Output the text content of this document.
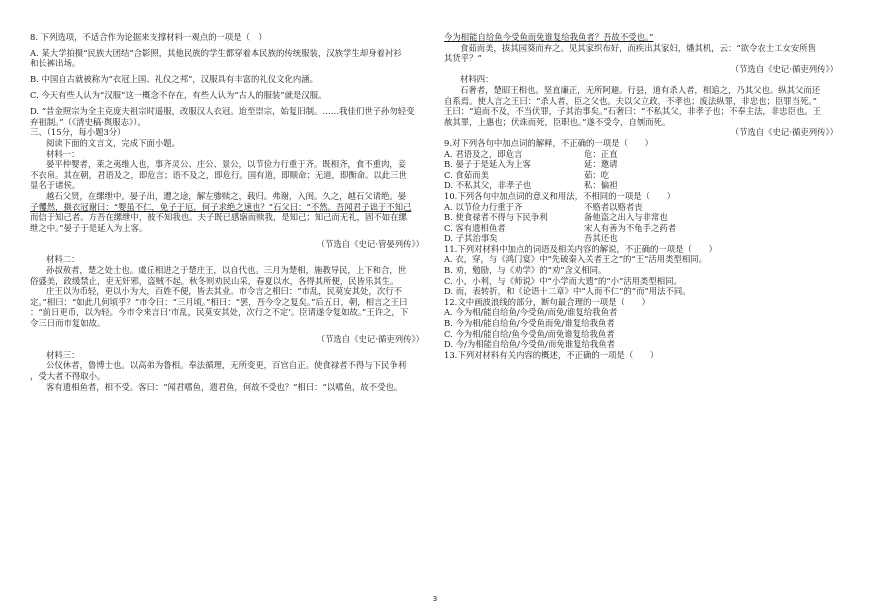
8. 下列选项，不适合作为论据来支撑材料一观点的一项是（　）
A. 某大学拍摄“民族大团结”合影照，其他民族的学生都穿着本民族的传统服装，汉族学生却身着衬衫
和长裤出场。
B. 中国自古就被称为“衣冠上国、礼仪之邦”，汉服具有丰富的礼仪文化内涵。
C. 今天有些人认为“汉服”这一概念不存在，有些人认为“古人的服装”就是汉服。
D. “昔金照宗为全主克庞夫祖宗时遥服，改服汉人衣冠。迨至崇宗，始复旧制。……我佳们世子孙勿轻变
弃祖制。”（《清史稿·舆服志》）。
三、（15分，每小题3分）
阅读下面的文言文，完成下面小题。
材料一：
晏平仲婴者，莱之夷维人也，事齐灵公、庄公、景公，以节俭力行重于齐。既相齐，食不重肉，妾
不衣帛。其在朝，君语及之，即危言；语不及之，即危行。国有道，即顺命；无道，即衡命。以此三世
显名于诸侯。
越石父贤，在缧绁中。晏子出，遭之途，解左骖赎之，载归。弗谢，入闺。久之，越石父请绝。晏
子戄然，摄衣冠谢曰：“婴虽不仁，免子于厄，何子求绝之速也？”石父曰：“不然。吾闻君子诎于不知己
而信于知己者。方吾在缧绁中，彼不知我也。夫子既已感寤而赎我，是知己；知己而无礼，固不如在缧
绁之中。”晏子于是延入为上客。
（节选自《史记·管晏列传》）
材料二：
孙叔敖者，楚之处士也。虞丘相进之于楚庄王，以自代也。三月为楚相，施教导民，上下和合，世
俗盛美，政缓禁止，吏无奸邪，盗贼不起。秋冬则劝民山采，春夏以水，各得其所便，民皆乐其生。
庄王以为币轻，更以小为大，百姓不便，皆去其业。市令言之相曰：“市乱，民莫安其处，次行不
定。”相曰：“如此几何顷乎？”市令曰：“三月顷。”相曰：“罢，吾今令之复矣。”后五日，朝，相言之王曰
：“前日更币，以为轻。今市令来言曰‘市乱，民莫安其处，次行之不定’。臣请遂令复如故。”王许之，下
令三日而市复如故。
（节选自《史记·循吏列传》）
材料三：
公仪休者，鲁博士也。以高弟为鲁相。奉法循理，无所变更，百官自正。使食禄者不得与下民争利
，受大者不得取小。
客有遗相鱼者，相不受。客曰：“闻君嗜鱼，遗君鱼，何故不受也？”相曰：“以嗜鱼，故不受也。
今为相能自给鱼今受鱼而免谁复给我鱼者？吾故不受也。”
食茹而美，拔其园葵而弃之。见其家织布好，而疾出其家妇，燔其机，云：“欲令农士工女安所售
其货乎？”
（节选自《史记·循吏列传》）
材料四：
石奢者，楚昭王相也。坚直廉正，无所阿避。行县，道有杀人者，相追之，乃其父也。纵其父而还
自系焉。使人言之王曰：“杀人者，臣之父也。夫以父立政，不孝也；废法纵罪，非忠也；臣罪当死。”
王曰：“追而不及，不当伏罪，子其治事矣。”石奢曰：“不私其父，非孝子也；不奉主法，非忠臣也。王
赦其罪，上惠也；伏诛而死，臣职也。”遂不受令，自刎而死。
（节选自《史记·循吏列传》）
9.对下列各句中加点词的解释，不正确的一项是（　　）
A. 君语及之，即危言	危：正直
B. 晏子于是延入为上客	延：邀请
C. 食茹而美	茹：吃
D. 不私其父，非孝子也	私：偏袒
10.下列各句中加点词的意义和用法，不相同的一项是（　　）
A. 以节俭力行重于齐	不赂者以赂者丧
B. 使食禄者不得与下民争利	备他盗之出入与非常也
C. 客有遗相鱼者	宋人有善为不龟手之药者
D. 子其治事矣	吾其还也
11.下列对材料中加点的词语及相关内容的解说，不正确的一项是（　　）
A. 衣，穿，与《鸿门宴》中“先破秦入关者王之”的“王”活用类型相同。
B. 劝，勉励，与《劝学》的“劝”含义相同。
C. 小，小利，与《师说》中“小学而大遗”的“小”活用类型相同。
D. 而，表转折，和《论语十二章》中“人而不仁”的“而”用法不同。
12.文中画波浪线的部分，断句最合理的一项是（　　）
A. 今为相/能自给鱼/今受鱼/而免/谁复给我鱼者
B. 今为相/能自给鱼/今受鱼而免/谁复给我鱼者
C. 今为相/能自给/鱼今受鱼/而免谁复给我鱼者
D. 今/为相能自给鱼/今受鱼/而免谁复给我鱼者
13.下列对材料有关内容的概述，不正确的一项是（　　）
3
